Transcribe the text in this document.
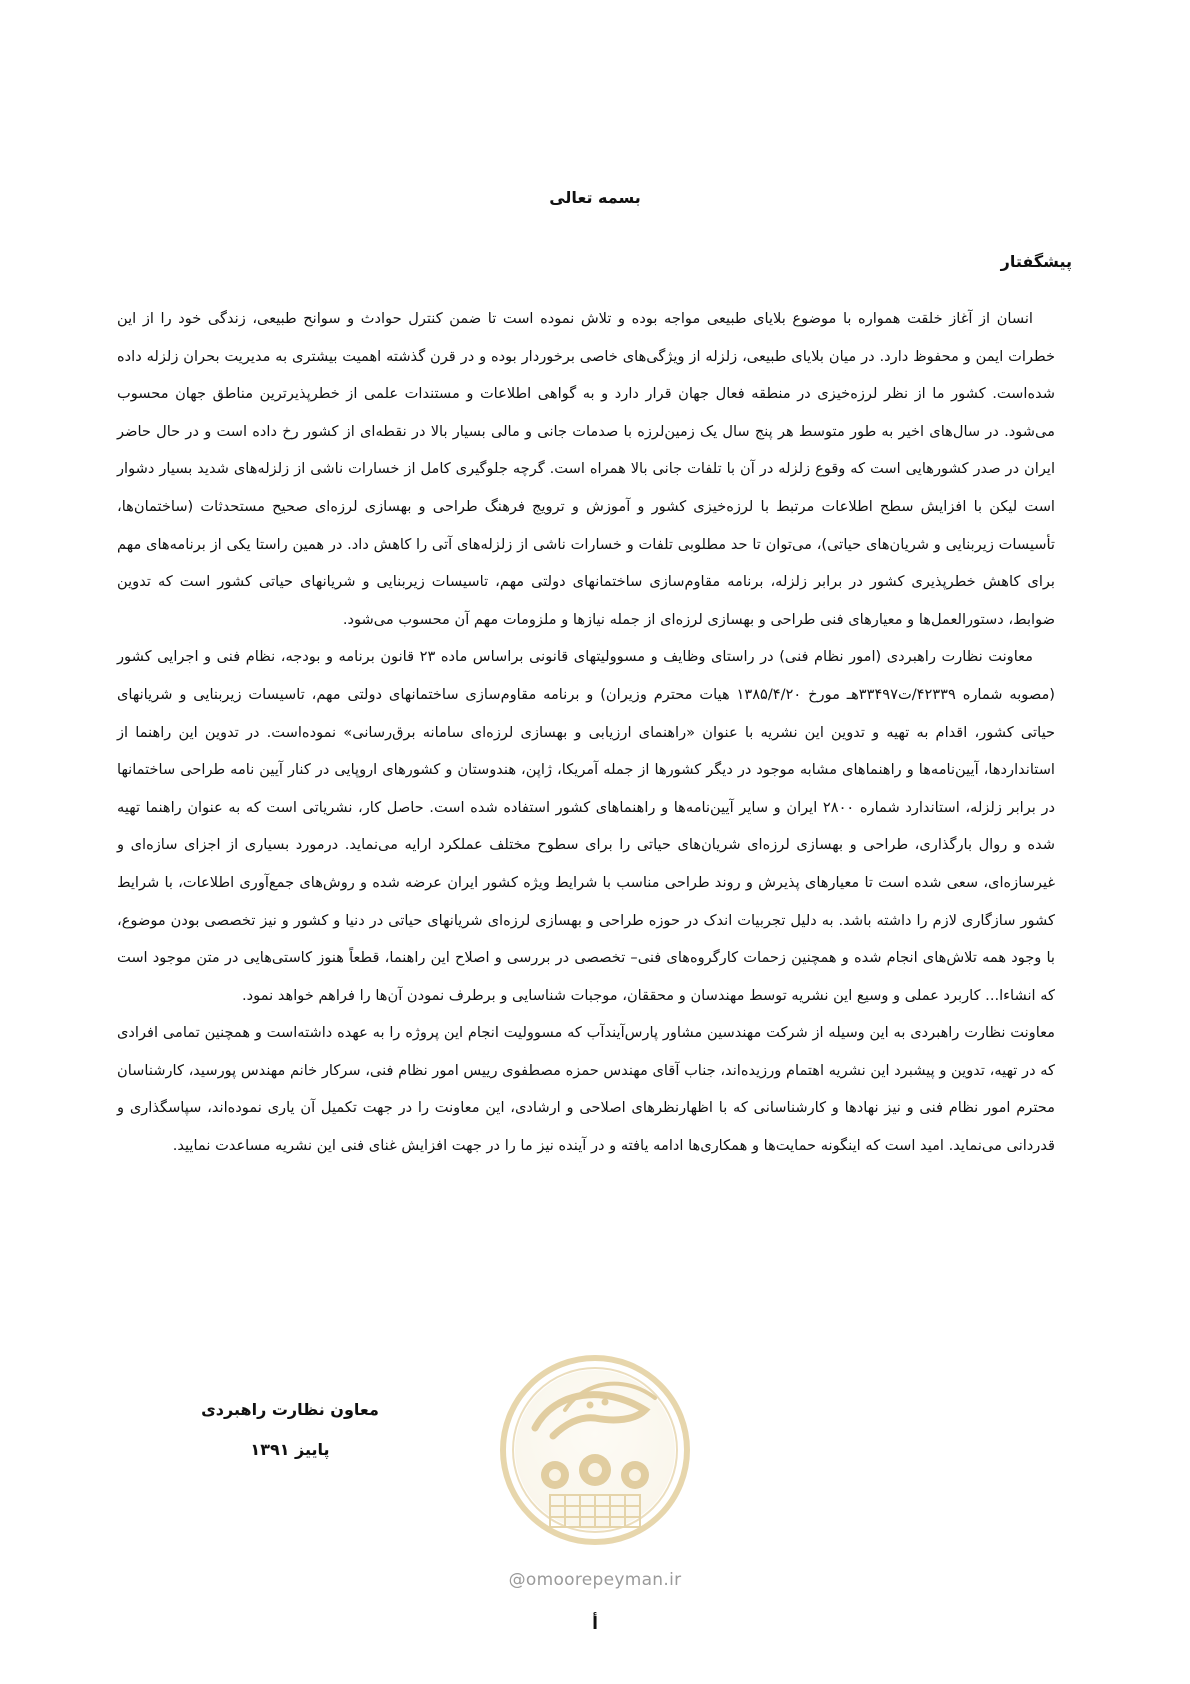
بسمه تعالی
پیشگفتار

انسان از آغاز خلقت همواره با موضوع بلایای طبیعی مواجه بوده و تلاش نموده است تا ضمن کنترل حوادث و سوانح طبیعی، زندگی خود را از این خطرات ایمن و محفوظ دارد. در میان بلایای طبیعی، زلزله از ویژگی‌های خاصی برخوردار بوده و در قرن گذشته اهمیت بیشتری به مدیریت بحران زلزله داده شده‌است. کشور ما از نظر لرزه‌خیزی در منطقه فعال جهان قرار دارد و به گواهی اطلاعات و مستندات علمی از خطرپذیرترین مناطق جهان محسوب می‌شود. در سال‌های اخیر به طور متوسط هر پنج سال یک زمین‌لرزه با صدمات جانی و مالی بسیار بالا در نقطه‌ای از کشور رخ داده است و در حال حاضر ایران در صدر کشورهایی است که وقوع زلزله در آن با تلفات جانی بالا همراه است. گرچه جلوگیری کامل از خسارات ناشی از زلزله‌های شدید بسیار دشوار است لیکن با افزایش سطح اطلاعات مرتبط با لرزه‌خیزی کشور و آموزش و ترویج فرهنگ طراحی و بهسازی لرزه‌ای صحیح مستحدثات (ساختمان‌ها، تأسیسات زیربنایی و شریان‌های حیاتی)، می‌توان تا حد مطلوبی تلفات و خسارات ناشی از زلزله‌های آتی را کاهش داد. در همین راستا یکی از برنامه‌های مهم برای کاهش خطرپذیری کشور در برابر زلزله، برنامه مقاوم‌سازی ساختمانهای دولتی مهم، تاسیسات زیربنایی و شریانهای حیاتی کشور است که تدوین ضوابط، دستورالعمل‌ها و معیارهای فنی طراحی و بهسازی لرزه‌ای از جمله نیازها و ملزومات مهم آن محسوب می‌شود.

معاونت نظارت راهبردی (امور نظام فنی) در راستای وظایف و مسوولیتهای قانونی براساس ماده ۲۳ قانون برنامه و بودجه، نظام فنی و اجرایی کشور (مصوبه شماره ۴۲۳۳۹/ت۳۳۴۹۷هـ مورخ ۱۳۸۵/۴/۲۰ هیات محترم وزیران) و برنامه مقاوم‌سازی ساختمانهای دولتی مهم، تاسیسات زیربنایی و شریانهای حیاتی کشور، اقدام به تهیه و تدوین این نشریه با عنوان «راهنمای ارزیابی و بهسازی لرزه‌ای سامانه برق‌رسانی» نموده‌است. در تدوین این راهنما از استانداردها، آیین‌نامه‌ها و راهنماهای مشابه موجود در دیگر کشورها از جمله آمریکا، ژاپن، هندوستان و کشورهای اروپایی در کنار آیین نامه طراحی ساختمانها در برابر زلزله، استاندارد شماره ۲۸۰۰ ایران و سایر آیین‌نامه‌ها و راهنماهای کشور استفاده شده است. حاصل کار، نشریاتی است که به عنوان راهنما تهیه شده و روال بارگذاری، طراحی و بهسازی لرزه‌ای شریان‌های حیاتی را برای سطوح مختلف عملکرد ارایه می‌نماید. درمورد بسیاری از اجزای سازه‌ای و غیرسازه‌ای، سعی شده است تا معیارهای پذیرش و روند طراحی مناسب با شرایط ویژه کشور ایران عرضه شده و روش‌های جمع‌آوری اطلاعات، با شرایط کشور سازگاری لازم را داشته باشد. به دلیل تجربیات اندک در حوزه طراحی و بهسازی لرزه‌ای شریانهای حیاتی در دنیا و کشور و نیز تخصصی بودن موضوع، با وجود همه تلاش‌های انجام شده و همچنین زحمات کارگروه‌های فنی– تخصصی در بررسی و اصلاح این راهنما، قطعاً هنوز کاستی‌هایی در متن موجود است که انشاءا... کاربرد عملی و وسیع این نشریه توسط مهندسان و محققان، موجبات شناسایی و برطرف نمودن آن‌ها را فراهم خواهد نمود.

معاونت نظارت راهبردی به این وسیله از شرکت مهندسین مشاور پارس‌آیندآب که مسوولیت انجام این پروژه را به عهده داشته‌است و همچنین تمامی افرادی که در تهیه، تدوین و پیشبرد این نشریه اهتمام ورزیده‌اند، جناب آقای مهندس حمزه مصطفوی رییس امور نظام فنی، سرکار خانم مهندس پورسید، کارشناسان محترم امور نظام فنی و نیز نهادها و کارشناسانی که با اظهارنظرهای اصلاحی و ارشادی، این معاونت را در جهت تکمیل آن یاری نموده‌اند، سپاسگذاری و قدردانی می‌نماید. امید است که اینگونه حمایت‌ها و همکاری‌ها ادامه یافته و در آینده نیز ما را در جهت افزایش غنای فنی این نشریه مساعدت نمایید.

معاون نظارت راهبردی
پاییز ۱۳۹۱
@omoorepeyman.ir
أ
